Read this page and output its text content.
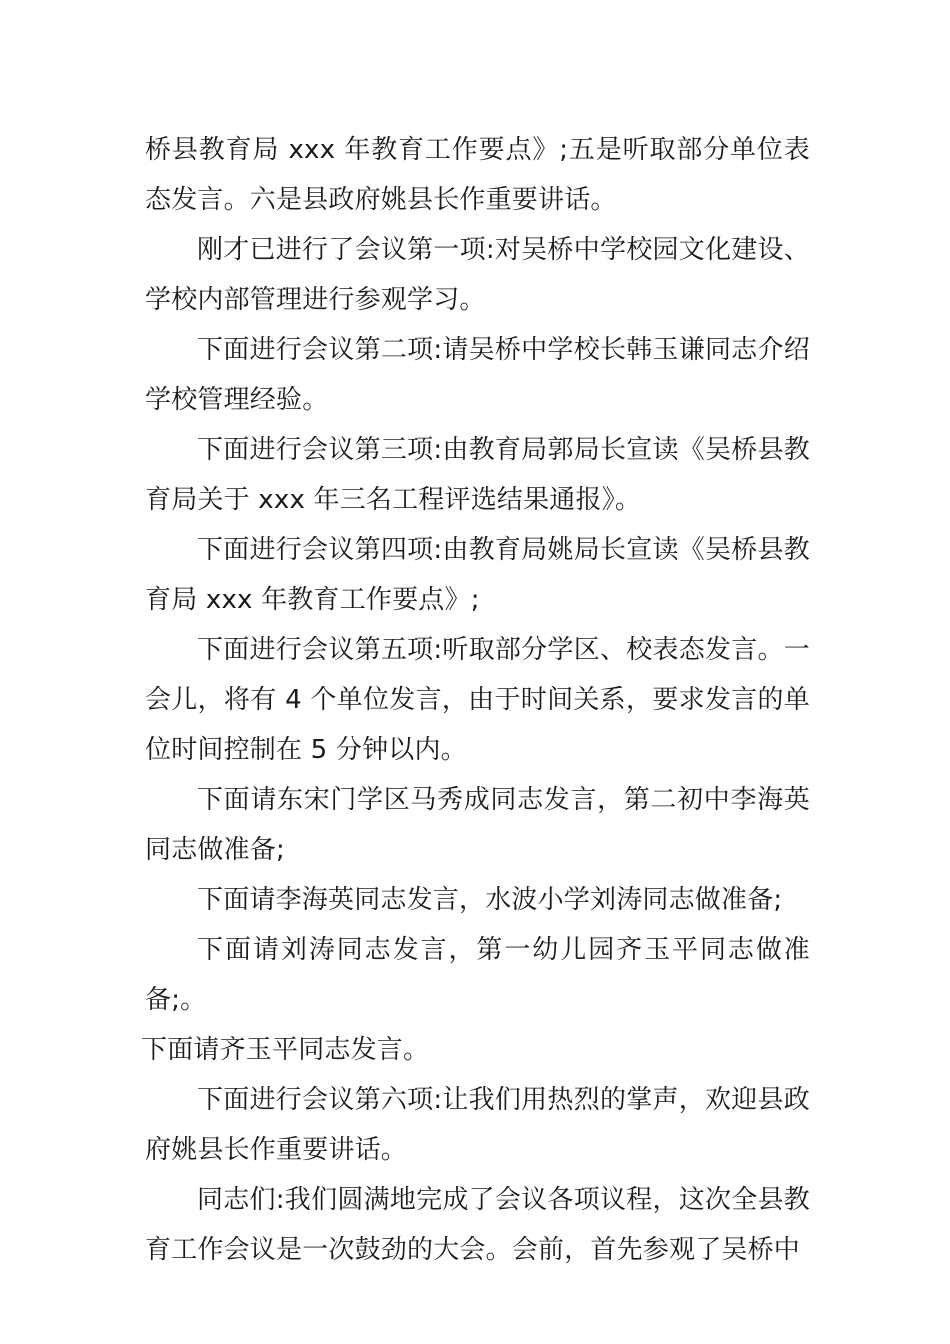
桥县教育局 xxx 年教育工作要点》;五是听取部分单位表态发言。六是县政府姚县长作重要讲话。

刚才已进行了会议第一项:对吴桥中学校园文化建设、学校内部管理进行参观学习。

下面进行会议第二项:请吴桥中学校长韩玉谦同志介绍学校管理经验。

下面进行会议第三项:由教育局郭局长宣读《吴桥县教育局关于 xxx 年三名工程评选结果通报》。

下面进行会议第四项:由教育局姚局长宣读《吴桥县教育局 xxx 年教育工作要点》;

下面进行会议第五项:听取部分学区、校表态发言。一会儿，将有 4 个单位发言，由于时间关系，要求发言的单位时间控制在 5 分钟以内。

下面请东宋门学区马秀成同志发言，第二初中李海英同志做准备;

下面请李海英同志发言，水波小学刘涛同志做准备;

下面请刘涛同志发言，第一幼儿园齐玉平同志做准备;。

下面请齐玉平同志发言。

下面进行会议第六项:让我们用热烈的掌声，欢迎县政府姚县长作重要讲话。

同志们:我们圆满地完成了会议各项议程，这次全县教育工作会议是一次鼓劲的大会。会前，首先参观了吴桥中
